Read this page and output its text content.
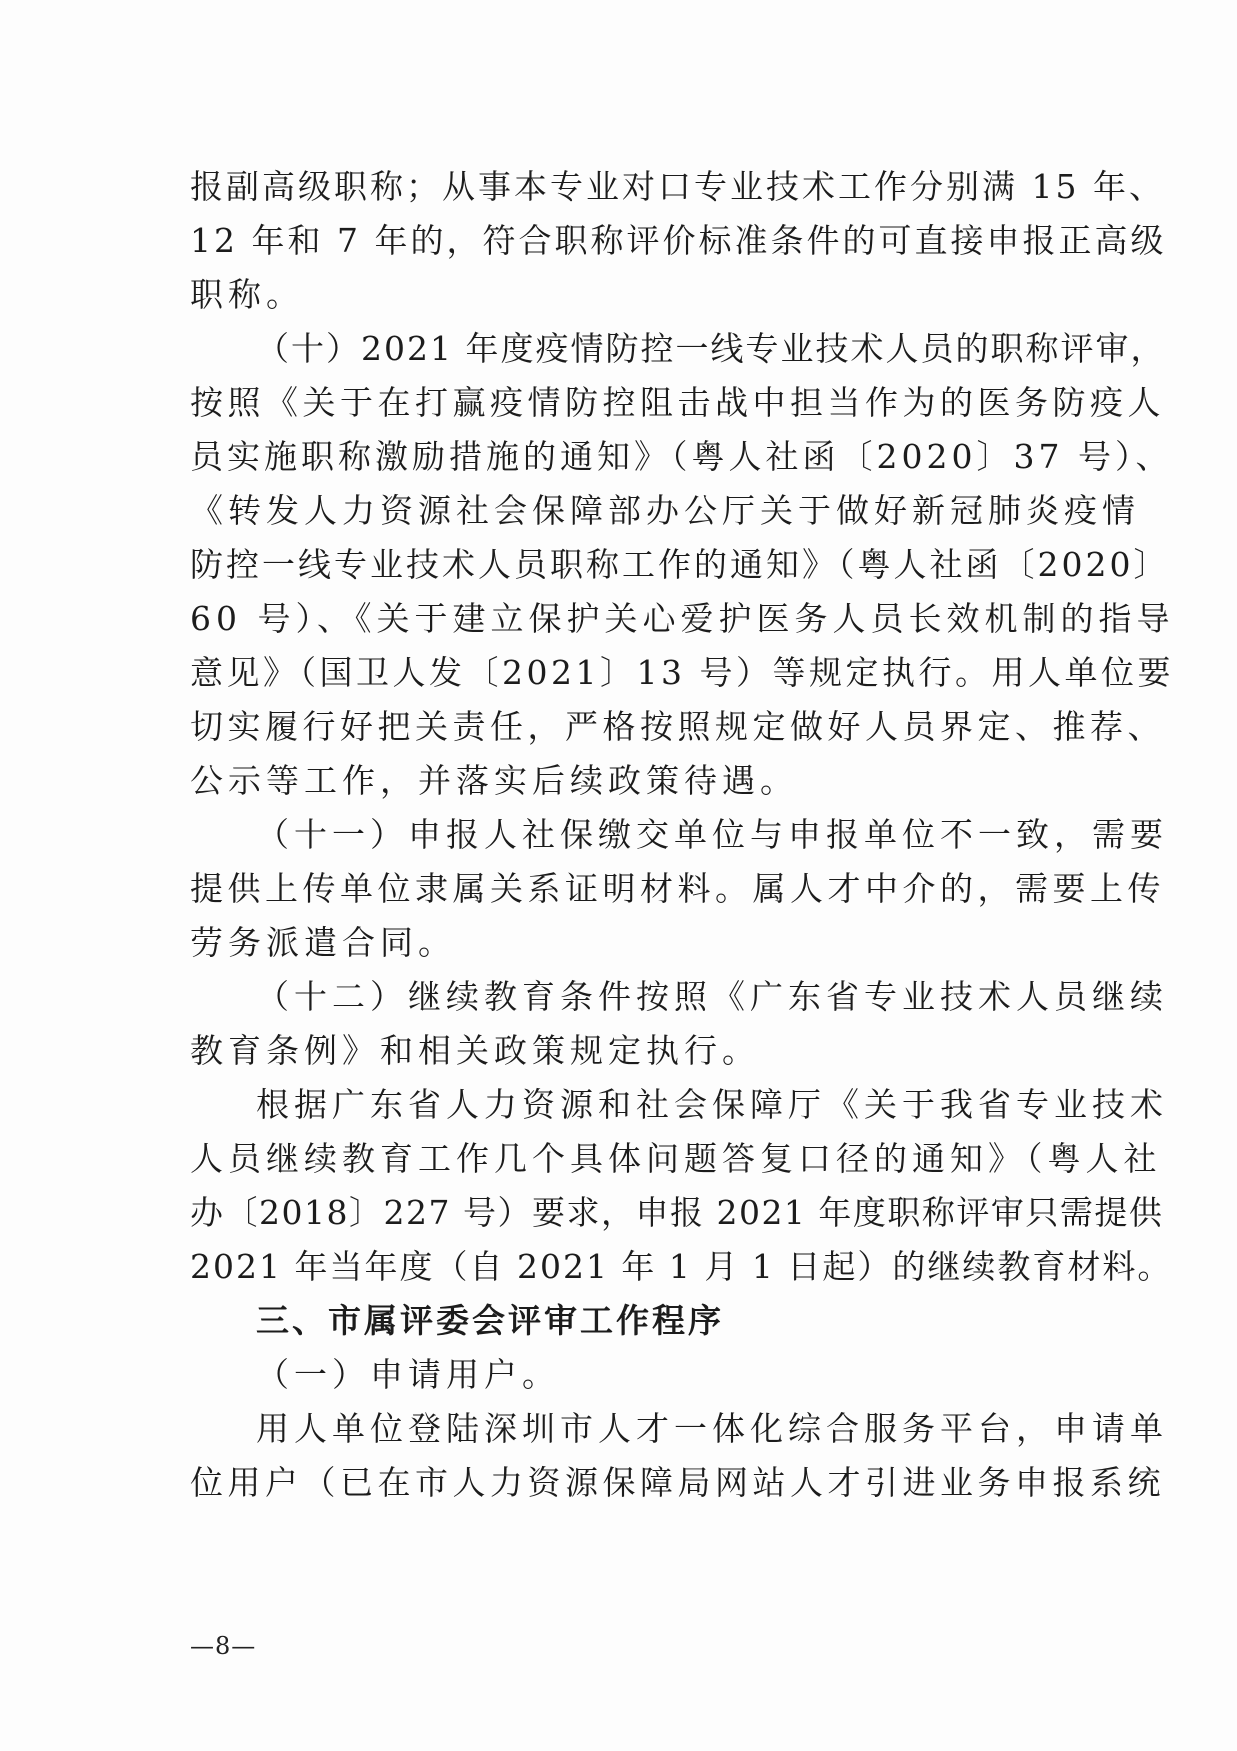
报副高级职称；从事本专业对口专业技术工作分别满 15 年、
12 年和 7 年的，符合职称评价标准条件的可直接申报正高级
职称。
（十）2021 年度疫情防控一线专业技术人员的职称评审，
按照《关于在打赢疫情防控阻击战中担当作为的医务防疫人
员实施职称激励措施的通知》（粤人社函〔2020〕37 号）、
《转发人力资源社会保障部办公厅关于做好新冠肺炎疫情
防控一线专业技术人员职称工作的通知》（粤人社函〔2020〕
60 号）、《关于建立保护关心爱护医务人员长效机制的指导
意见》（国卫人发〔2021〕13 号）等规定执行。用人单位要
切实履行好把关责任，严格按照规定做好人员界定、推荐、
公示等工作，并落实后续政策待遇。
（十一）申报人社保缴交单位与申报单位不一致，需要
提供上传单位隶属关系证明材料。属人才中介的，需要上传
劳务派遣合同。
（十二）继续教育条件按照《广东省专业技术人员继续
教育条例》和相关政策规定执行。
根据广东省人力资源和社会保障厅《关于我省专业技术
人员继续教育工作几个具体问题答复口径的通知》（粤人社
办〔2018〕227 号）要求，申报 2021 年度职称评审只需提供
2021 年当年度（自 2021 年 1 月 1 日起）的继续教育材料。
三、市属评委会评审工作程序
（一）申请用户。
用人单位登陆深圳市人才一体化综合服务平台，申请单
位用户（已在市人力资源保障局网站人才引进业务申报系统
—8—
